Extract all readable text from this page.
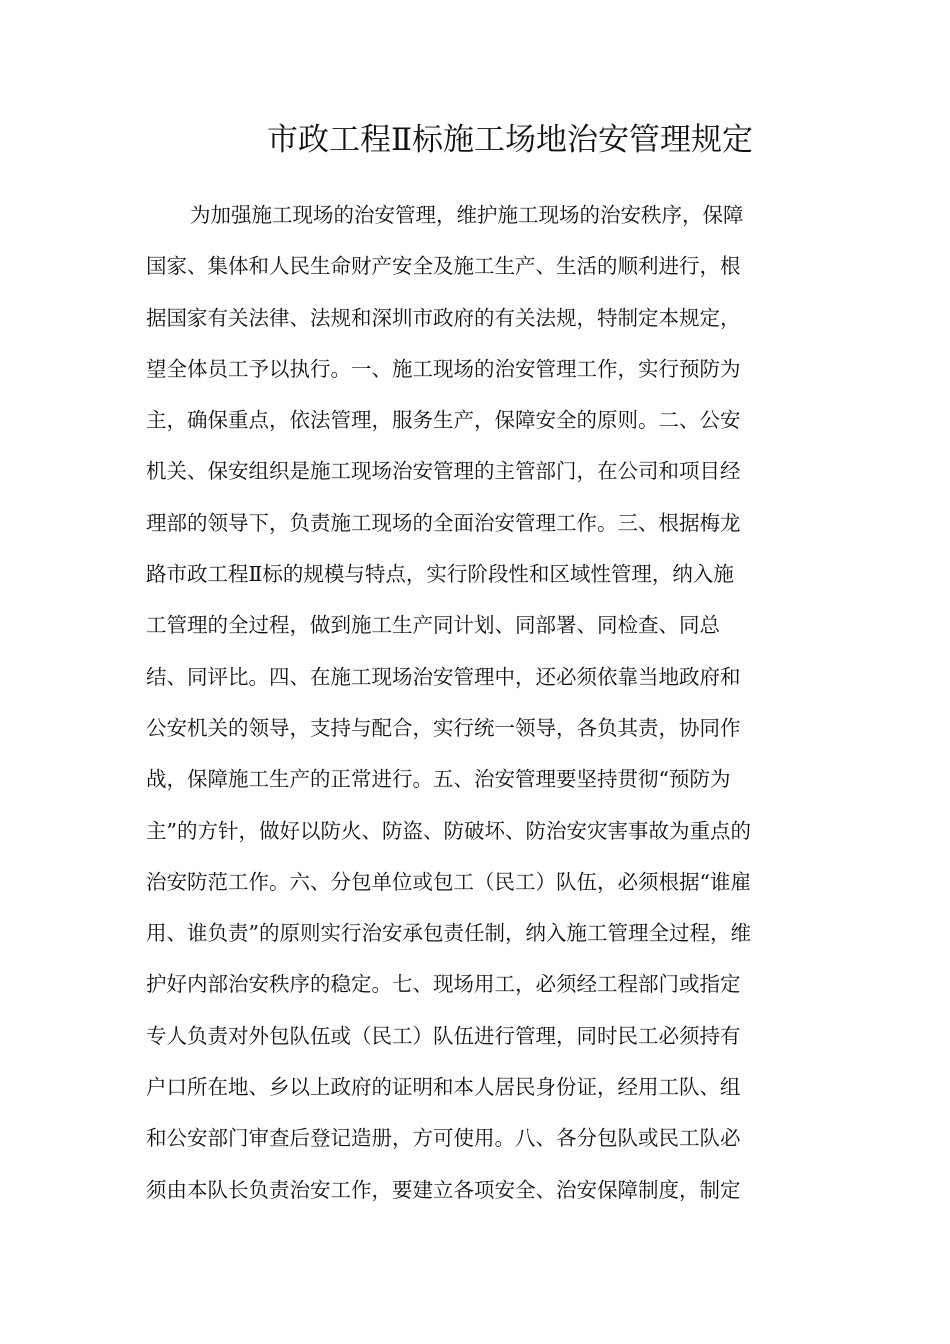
市政工程Ⅱ标施工场地治安管理规定
为加强施工现场的治安管理，维护施工现场的治安秩序，保障
国家、集体和人民生命财产安全及施工生产、生活的顺利进行，根
据国家有关法律、法规和深圳市政府的有关法规，特制定本规定，
望全体员工予以执行。一、施工现场的治安管理工作，实行预防为
主，确保重点，依法管理，服务生产，保障安全的原则。二、公安
机关、保安组织是施工现场治安管理的主管部门，在公司和项目经
理部的领导下，负责施工现场的全面治安管理工作。三、根据梅龙
路市政工程Ⅱ标的规模与特点，实行阶段性和区域性管理，纳入施
工管理的全过程，做到施工生产同计划、同部署、同检查、同总
结、同评比。四、在施工现场治安管理中，还必须依靠当地政府和
公安机关的领导，支持与配合，实行统一领导，各负其责，协同作
战，保障施工生产的正常进行。五、治安管理要坚持贯彻“预防为
主”的方针，做好以防火、防盗、防破坏、防治安灾害事故为重点的
治安防范工作。六、分包单位或包工（民工）队伍，必须根据“谁雇
用、谁负责”的原则实行治安承包责任制，纳入施工管理全过程，维
护好内部治安秩序的稳定。七、现场用工，必须经工程部门或指定
专人负责对外包队伍或（民工）队伍进行管理，同时民工必须持有
户口所在地、乡以上政府的证明和本人居民身份证，经用工队、组
和公安部门审查后登记造册，方可使用。八、各分包队或民工队必
须由本队长负责治安工作，要建立各项安全、治安保障制度，制定
